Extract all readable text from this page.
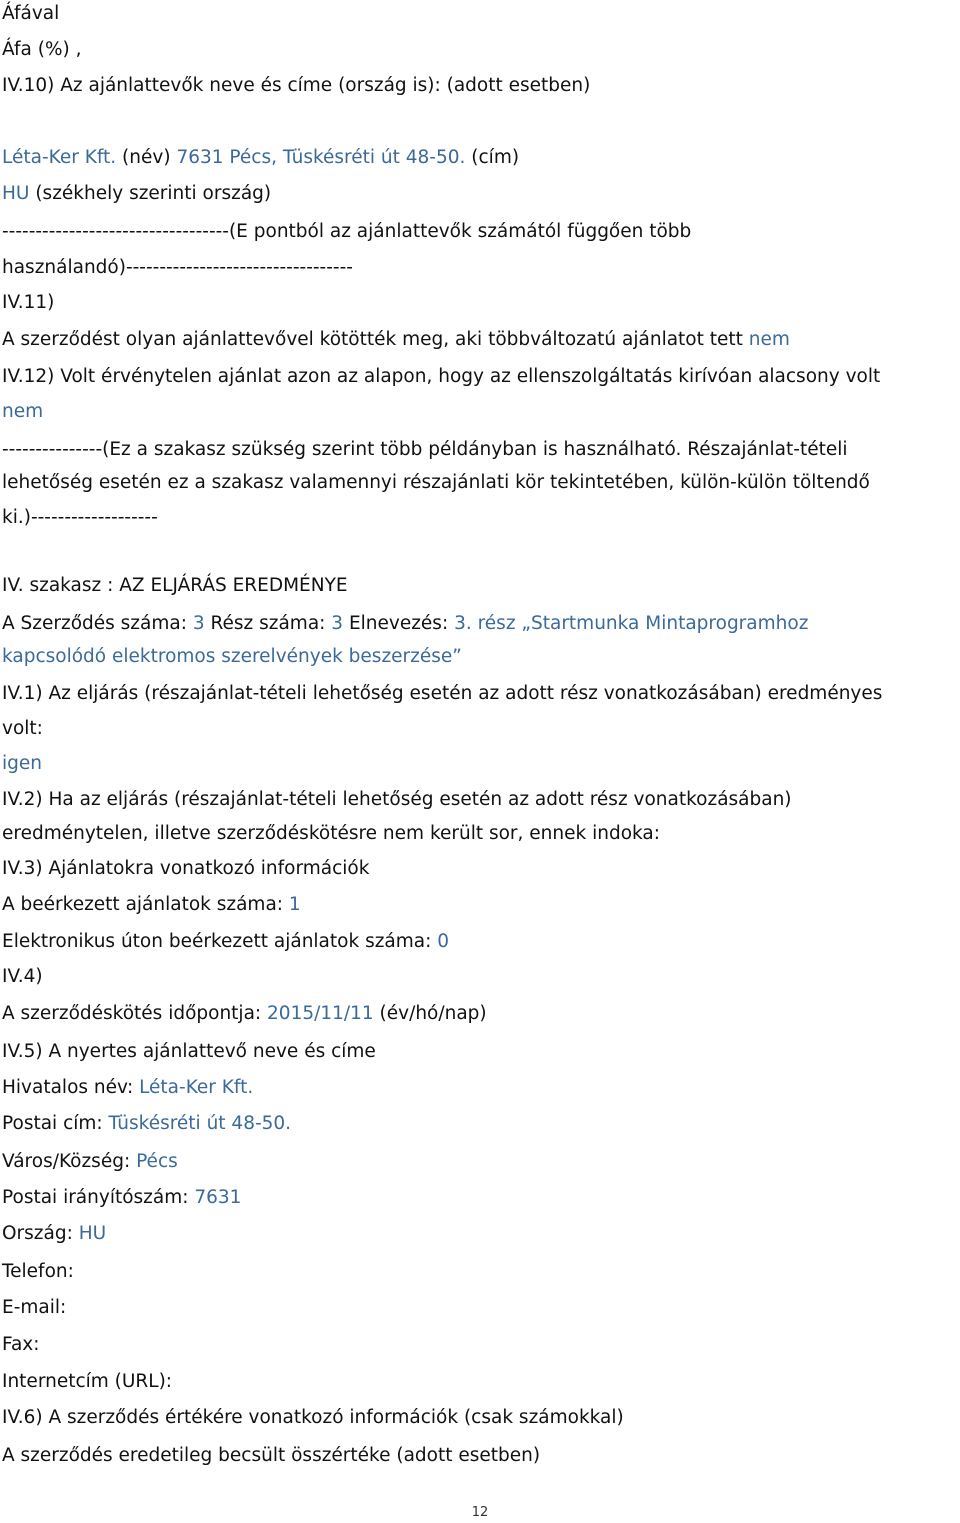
Áfával
Áfa (%) ,
IV.10) Az ajánlattevők neve és címe (ország is): (adott esetben)
Léta-Ker Kft. (név) 7631 Pécs, Tüskésréti út 48-50. (cím)
HU (székhely szerinti ország)
----------------------------------(E pontból az ajánlattevők számától függően több
használandó)----------------------------------
IV.11)
A szerződést olyan ajánlattevővel kötötték meg, aki többváltozatú ajánlatot tett nem
IV.12) Volt érvénytelen ajánlat azon az alapon, hogy az ellenszolgáltatás kirívóan alacsony volt
nem
---------------(Ez a szakasz szükség szerint több példányban is használható. Részajánlat-tételi
lehetőség esetén ez a szakasz valamennyi részajánlati kör tekintetében, külön-külön töltendő
ki.)-------------------
IV. szakasz : AZ ELJÁRÁS EREDMÉNYE
A Szerződés száma: 3 Rész száma: 3 Elnevezés: 3. rész „Startmunka Mintaprogramhoz
kapcsolódó elektromos szerelvények beszerzése”
IV.1) Az eljárás (részajánlat-tételi lehetőség esetén az adott rész vonatkozásában) eredményes
volt:
igen
IV.2) Ha az eljárás (részajánlat-tételi lehetőség esetén az adott rész vonatkozásában)
eredménytelen, illetve szerződéskötésre nem került sor, ennek indoka:
IV.3) Ajánlatokra vonatkozó információk
A beérkezett ajánlatok száma: 1
Elektronikus úton beérkezett ajánlatok száma: 0
IV.4)
A szerződéskötés időpontja: 2015/11/11 (év/hó/nap)
IV.5) A nyertes ajánlattevő neve és címe
Hivatalos név: Léta-Ker Kft.
Postai cím: Tüskésréti út 48-50.
Város/Község: Pécs
Postai irányítószám: 7631
Ország: HU
Telefon:
E-mail:
Fax:
Internetcím (URL):
IV.6) A szerződés értékére vonatkozó információk (csak számokkal)
A szerződés eredetileg becsült összértéke (adott esetben)
12
